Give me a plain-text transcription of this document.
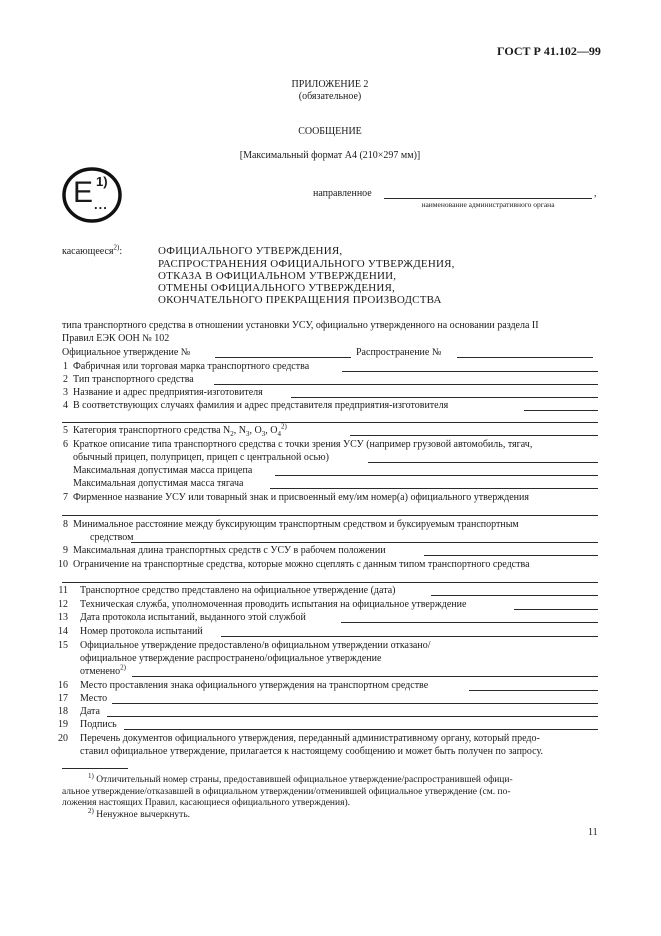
ГОСТ Р 41.102—99
ПРИЛОЖЕНИЕ 2
(обязательное)
СООБЩЕНИЕ
[Максимальный формат А4 (210×297 мм)]
E 1)
...
направленное	,
наименование административного органа
касающееся$^{2)}$:	ОФИЦИАЛЬНОГО УТВЕРЖДЕНИЯ,
РАСПРОСТРАНЕНИЯ ОФИЦИАЛЬНОГО УТВЕРЖДЕНИЯ,
ОТКАЗА В ОФИЦИАЛЬНОМ УТВЕРЖДЕНИИ,
ОТМЕНЫ ОФИЦИАЛЬНОГО УТВЕРЖДЕНИЯ,
ОКОНЧАТЕЛЬНОГО ПРЕКРАЩЕНИЯ ПРОИЗВОДСТВА
типа транспортного средства в отношении установки УСУ, официально утвержденного на основании раздела II
Правил ЕЭК ООН № 102
Официальное утверждение №	Распространение №
1 Фабричная или торговая марка транспортного средства
2 Тип транспортного средства
3 Название и адрес предприятия-изготовителя
4 В соответствующих случаях фамилия и адрес представителя предприятия-изготовителя
5 Категория транспортного средства $N_2$, $N_3$, $O_3$, $O_4^{2)}$
6 Краткое описание типа транспортного средства с точки зрения УСУ (например грузовой автомобиль, тягач,
обычный прицеп, полуприцеп, прицеп с центральной осью)
Максимальная допустимая масса прицепа
Максимальная допустимая масса тягача
7 Фирменное название УСУ или товарный знак и присвоенный ему/им номер(а) официального утверждения
8 Минимальное расстояние между буксирующим транспортным средством и буксируемым транспортным
средством
9 Максимальная длина транспортных средств с УСУ в рабочем положении
10 Ограничение на транспортные средства, которые можно сцеплять с данным типом транспортного средства
11 Транспортное средство представлено на официальное утверждение (дата)
12 Техническая служба, уполномоченная проводить испытания на официальное утверждение
13 Дата протокола испытаний, выданного этой службой
14 Номер протокола испытаний
15 Официальное утверждение предоставлено/в официальном утверждении отказано/
официальное утверждение распространено/официальное утверждение
отменено$^{2)}$
16 Место проставления знака официального утверждения на транспортном средстве
17 Место
18 Дата
19 Подпись
20 Перечень документов официального утверждения, переданный административному органу, который предо-
ставил официальное утверждение, прилагается к настоящему сообщению и может быть получен по запросу.
$^{1)}$ Отличительный номер страны, предоставившей официальное утверждение/распространившей офици-
альное утверждение/отказавшей в официальном утверждении/отменившей официальное утверждение (см. по-
ложения настоящих Правил, касающиеся официального утверждения).
$^{2)}$ Ненужное вычеркнуть.
11
